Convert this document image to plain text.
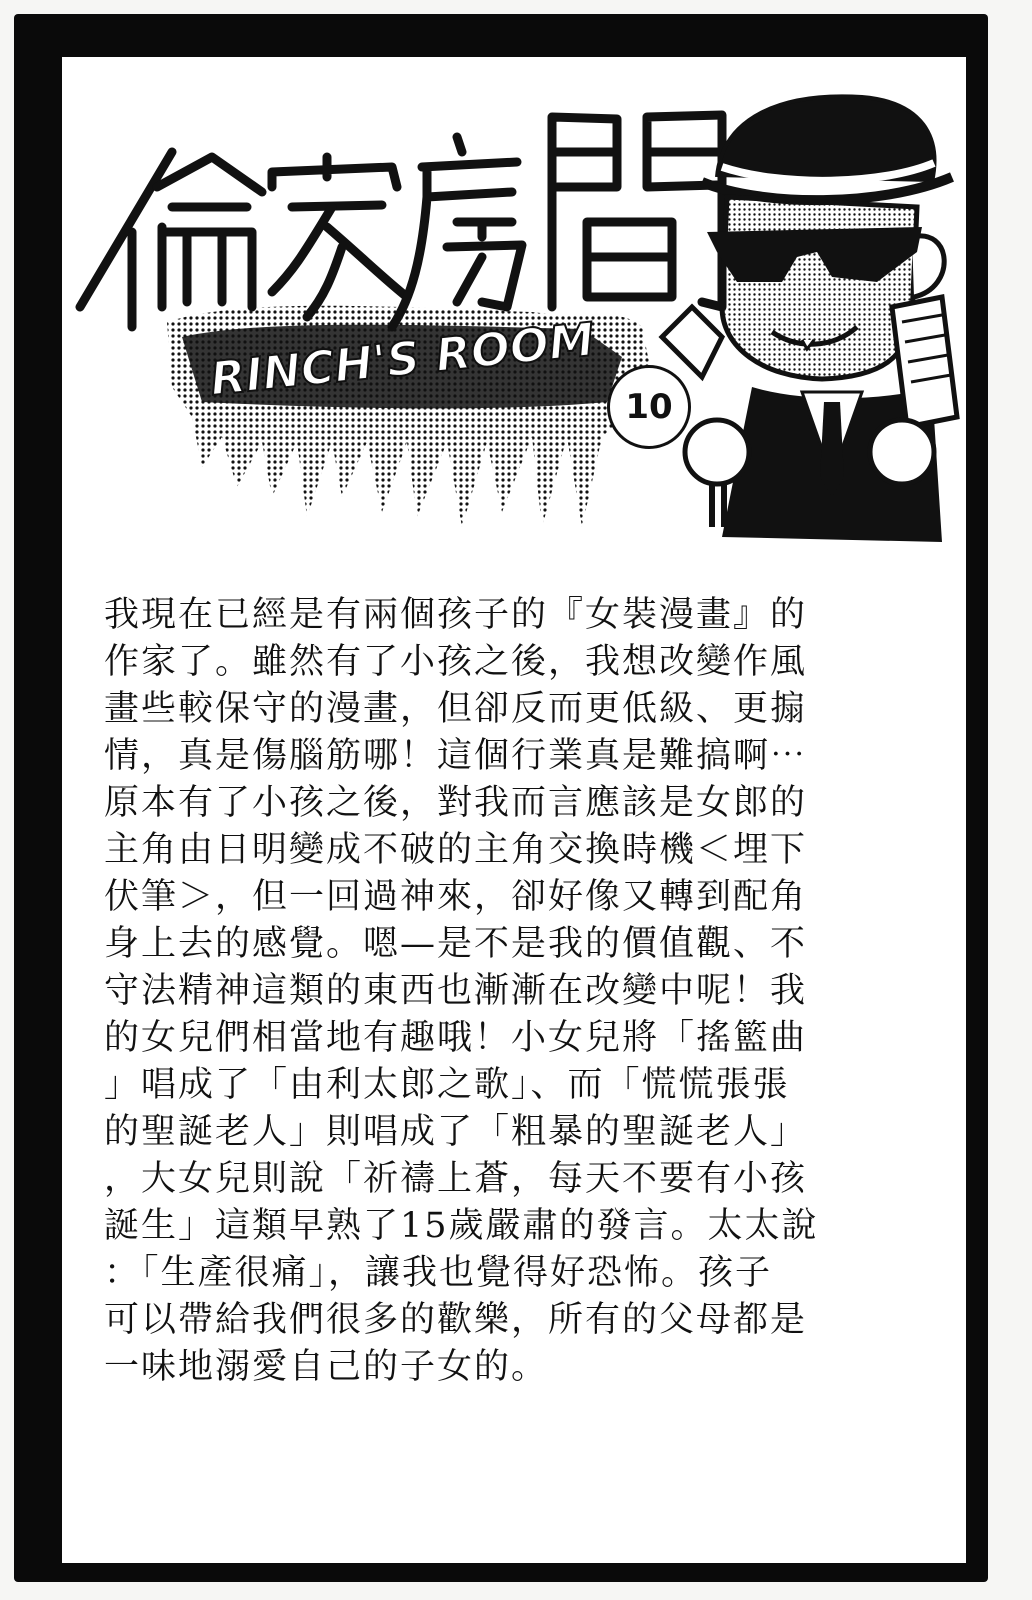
RINCH'S ROOM
10
我現在已經是有兩個孩子的『女裝漫畫』的
作家了。雖然有了小孩之後，我想改變作風
畫些較保守的漫畫，但卻反而更低級、更搧
情，真是傷腦筋哪！這個行業真是難搞啊⋯
原本有了小孩之後，對我而言應該是女郎的
主角由日明變成不破的主角交換時機＜埋下
伏筆＞，但一回過神來，卻好像又轉到配角
身上去的感覺。嗯—是不是我的價值觀、不
守法精神這類的東西也漸漸在改變中呢！我
的女兒們相當地有趣哦！小女兒將「搖籃曲
」唱成了「由利太郎之歌」、而「慌慌張張
的聖誕老人」則唱成了「粗暴的聖誕老人」
，大女兒則說「祈禱上蒼，每天不要有小孩
誕生」這類早熟了15歲嚴肅的發言。太太說
：「生產很痛」，讓我也覺得好恐怖。孩子
可以帶給我們很多的歡樂，所有的父母都是
一味地溺愛自己的子女的。
